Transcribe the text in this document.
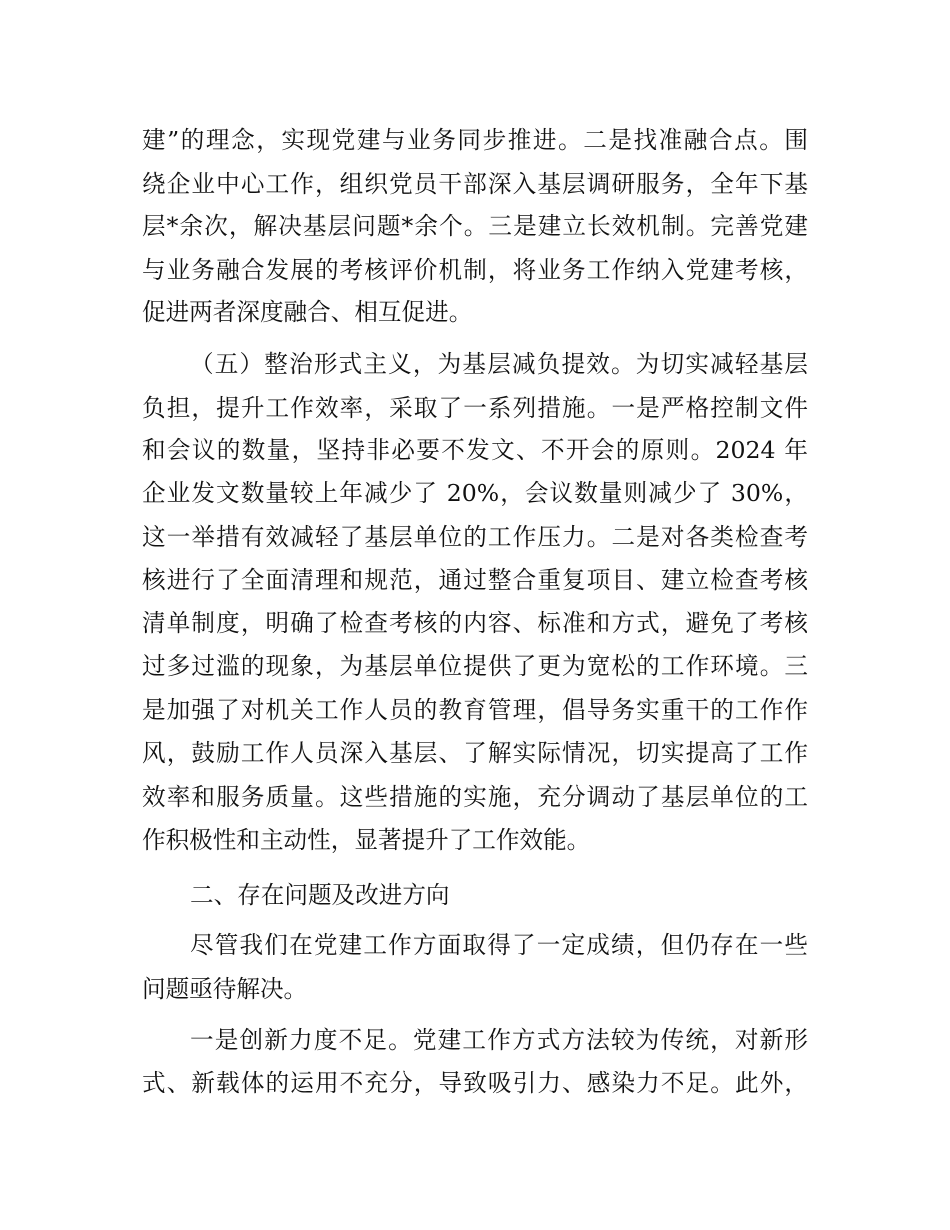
建”的理念，实现党建与业务同步推进。二是找准融合点。围
绕企业中心工作，组织党员干部深入基层调研服务，全年下基
层*余次，解决基层问题*余个。三是建立长效机制。完善党建
与业务融合发展的考核评价机制，将业务工作纳入党建考核，
促进两者深度融合、相互促进。
（五）整治形式主义，为基层减负提效。为切实减轻基层
负担，提升工作效率，采取了一系列措施。一是严格控制文件
和会议的数量，坚持非必要不发文、不开会的原则。2024 年
企业发文数量较上年减少了 20%，会议数量则减少了 30%，
这一举措有效减轻了基层单位的工作压力。二是对各类检查考
核进行了全面清理和规范，通过整合重复项目、建立检查考核
清单制度，明确了检查考核的内容、标准和方式，避免了考核
过多过滥的现象，为基层单位提供了更为宽松的工作环境。三
是加强了对机关工作人员的教育管理，倡导务实重干的工作作
风，鼓励工作人员深入基层、了解实际情况，切实提高了工作
效率和服务质量。这些措施的实施，充分调动了基层单位的工
作积极性和主动性，显著提升了工作效能。
二、存在问题及改进方向
尽管我们在党建工作方面取得了一定成绩，但仍存在一些
问题亟待解决。
一是创新力度不足。党建工作方式方法较为传统，对新形
式、新载体的运用不充分，导致吸引力、感染力不足。此外，
